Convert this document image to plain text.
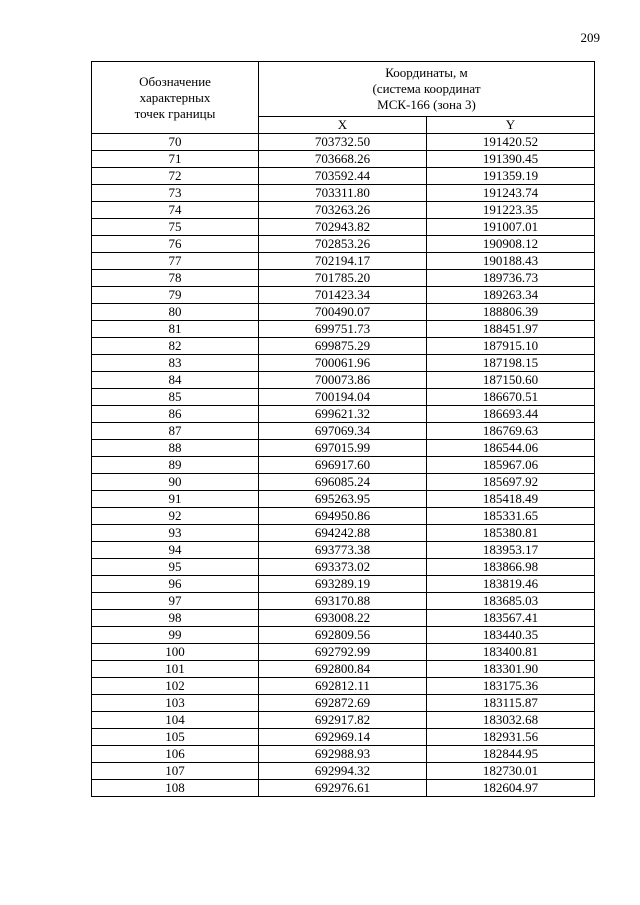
209
Обозначение
характерных
точек границы	Координаты, м
(система координат
МСК-166 (зона 3)	

	X	Y
70	703732.50	191420.52
71	703668.26	191390.45
72	703592.44	191359.19
73	703311.80	191243.74
74	703263.26	191223.35
75	702943.82	191007.01
76	702853.26	190908.12
77	702194.17	190188.43
78	701785.20	189736.73
79	701423.34	189263.34
80	700490.07	188806.39
81	699751.73	188451.97
82	699875.29	187915.10
83	700061.96	187198.15
84	700073.86	187150.60
85	700194.04	186670.51
86	699621.32	186693.44
87	697069.34	186769.63
88	697015.99	186544.06
89	696917.60	185967.06
90	696085.24	185697.92
91	695263.95	185418.49
92	694950.86	185331.65
93	694242.88	185380.81
94	693773.38	183953.17
95	693373.02	183866.98
96	693289.19	183819.46
97	693170.88	183685.03
98	693008.22	183567.41
99	692809.56	183440.35
100	692792.99	183400.81
101	692800.84	183301.90
102	692812.11	183175.36
103	692872.69	183115.87
104	692917.82	183032.68
105	692969.14	182931.56
106	692988.93	182844.95
107	692994.32	182730.01
108	692976.61	182604.97
